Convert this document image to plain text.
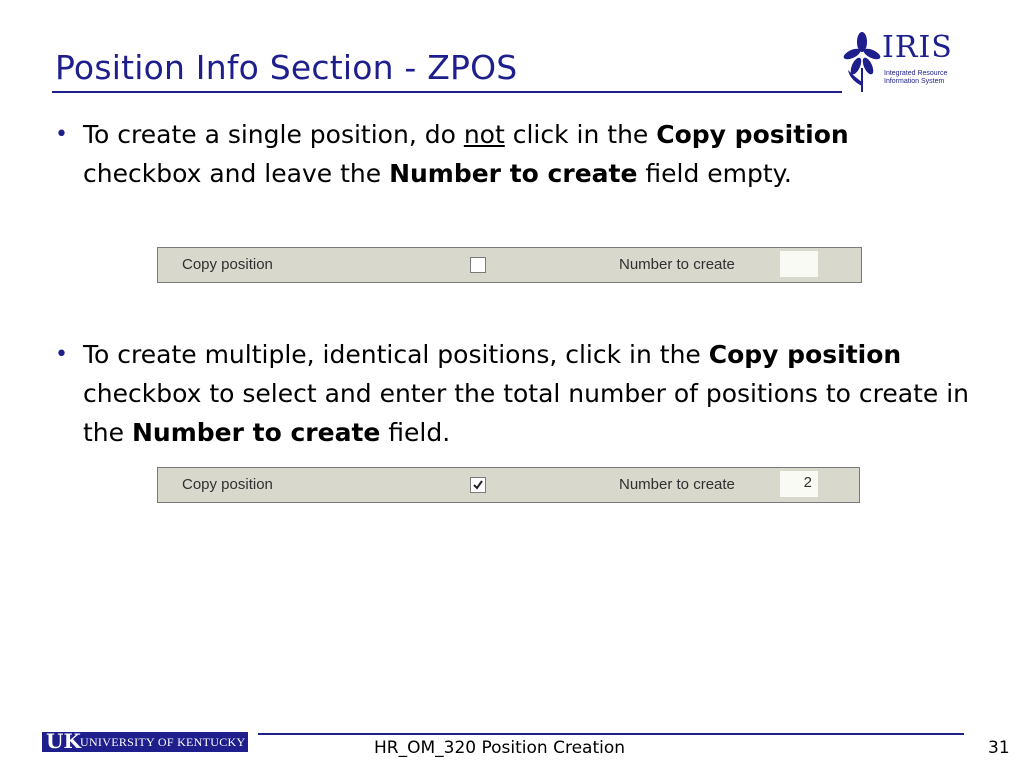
Position Info Section - ZPOS
IRIS
Integrated Resource
Information System
• To create a single position, do not click in the Copy position checkbox and leave the Number to create field empty.
Copy position	Number to create
• To create multiple, identical positions, click in the Copy position checkbox to select and enter the total number of positions to create in the Number to create field.
Copy position	Number to create	2
UK UNIVERSITY OF KENTUCKY	HR_OM_320 Position Creation	31
